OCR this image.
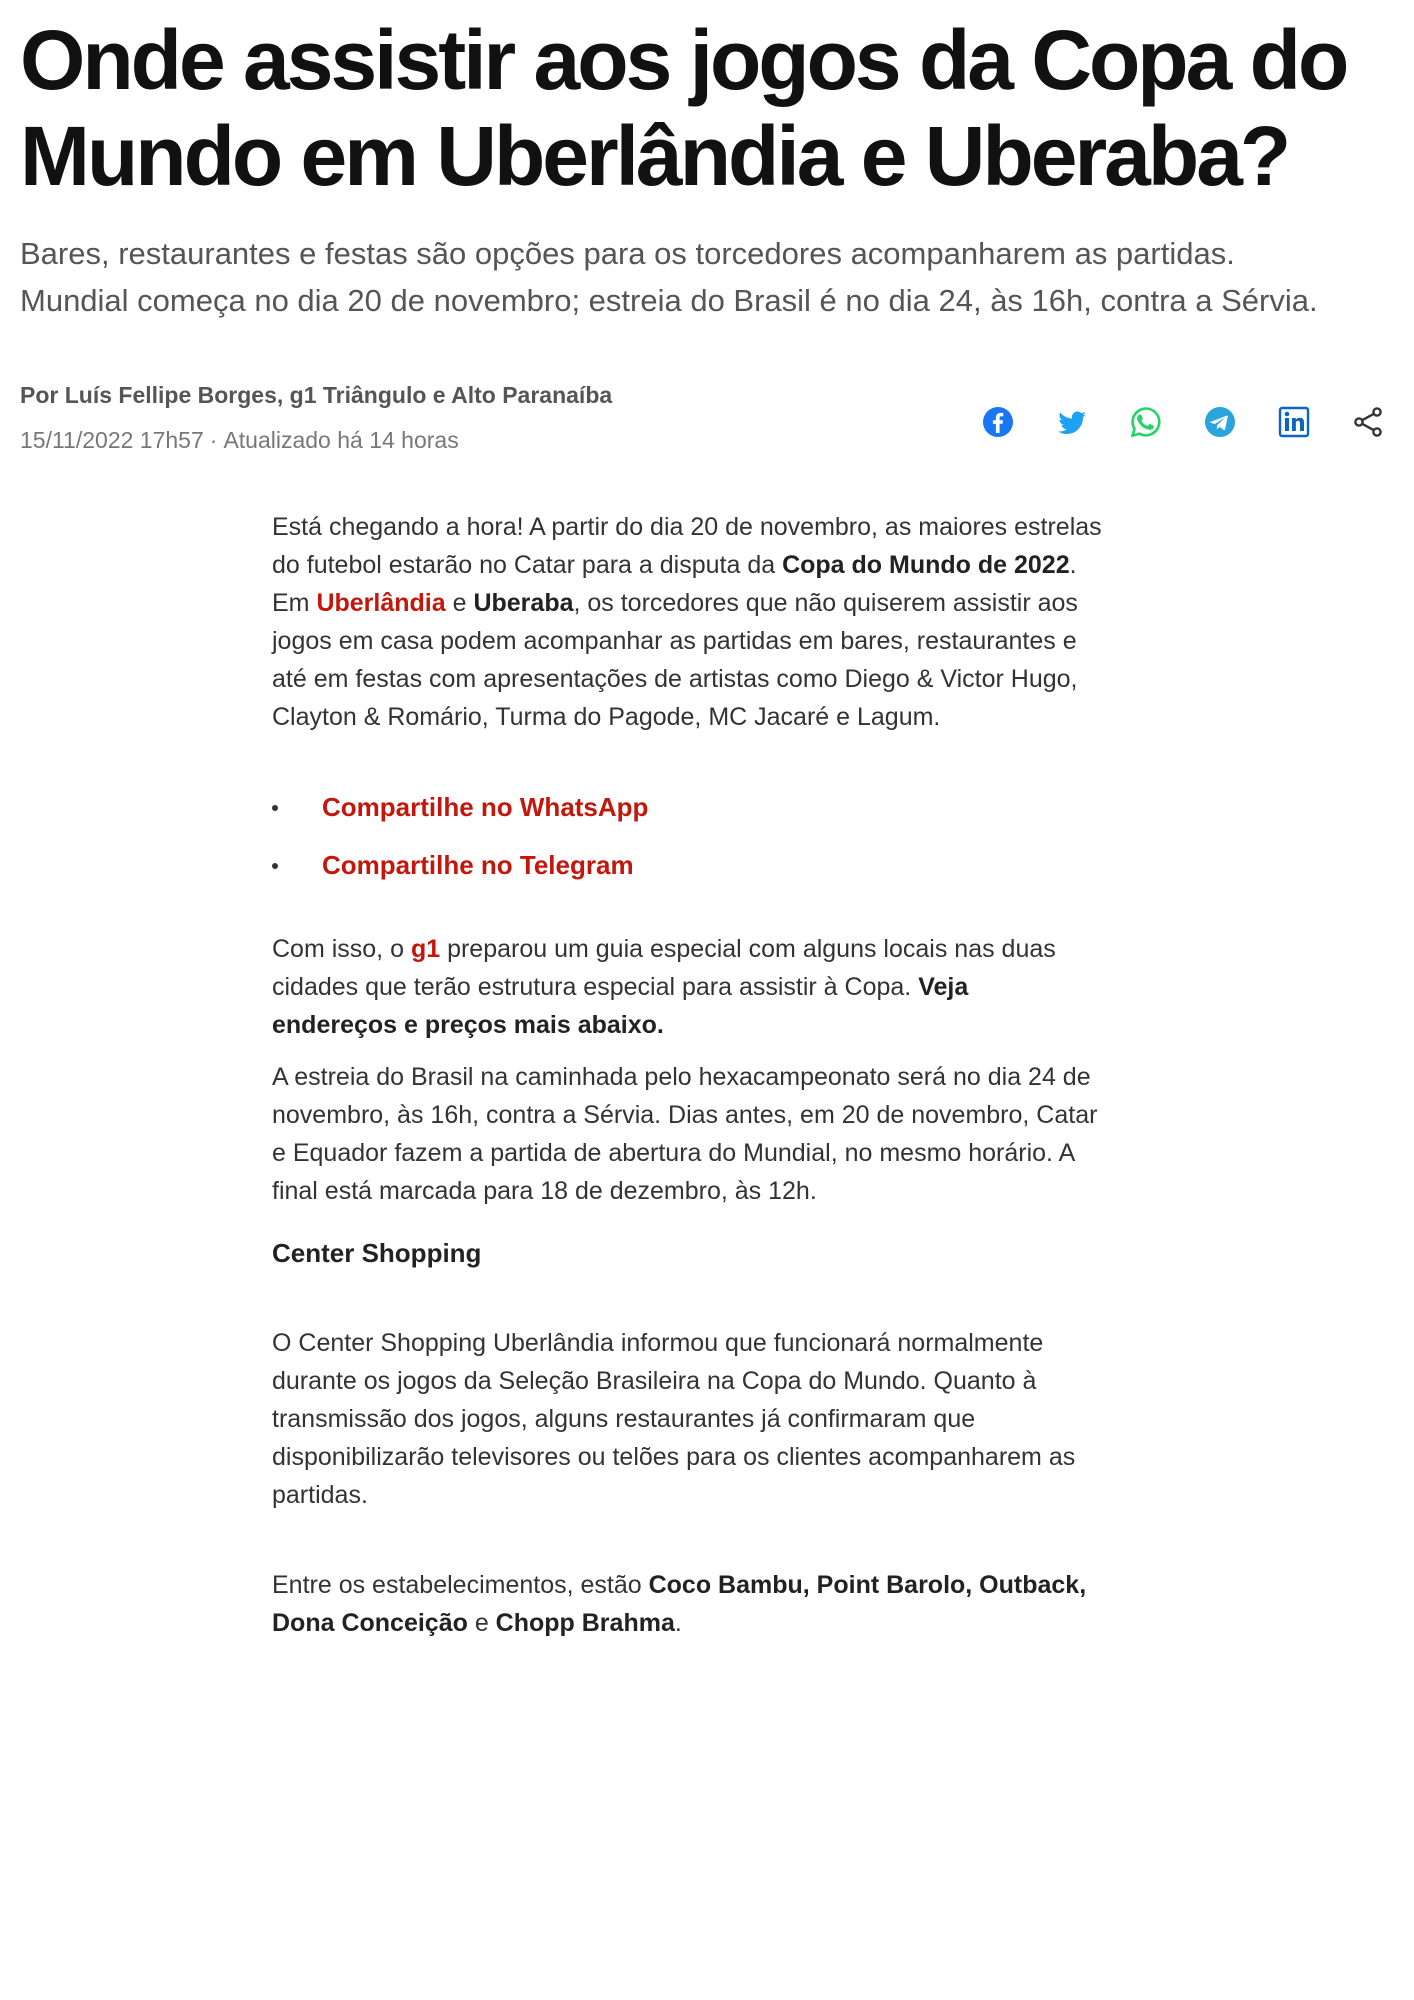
Onde assistir aos jogos da Copa do Mundo em Uberlândia e Uberaba?
Bares, restaurantes e festas são opções para os torcedores acompanharem as partidas. Mundial começa no dia 20 de novembro; estreia do Brasil é no dia 24, às 16h, contra a Sérvia.
Por Luís Fellipe Borges, g1 Triângulo e Alto Paranaíba
15/11/2022 17h57 · Atualizado há 14 horas

Está chegando a hora! A partir do dia 20 de novembro, as maiores estrelas do futebol estarão no Catar para a disputa da Copa do Mundo de 2022. Em Uberlândia e Uberaba, os torcedores que não quiserem assistir aos jogos em casa podem acompanhar as partidas em bares, restaurantes e até em festas com apresentações de artistas como Diego & Victor Hugo, Clayton & Romário, Turma do Pagode, MC Jacaré e Lagum.

Compartilhe no WhatsApp
Compartilhe no Telegram

Com isso, o g1 preparou um guia especial com alguns locais nas duas cidades que terão estrutura especial para assistir à Copa. Veja endereços e preços mais abaixo.

A estreia do Brasil na caminhada pelo hexacampeonato será no dia 24 de novembro, às 16h, contra a Sérvia. Dias antes, em 20 de novembro, Catar e Equador fazem a partida de abertura do Mundial, no mesmo horário. A final está marcada para 18 de dezembro, às 12h.

Center Shopping

O Center Shopping Uberlândia informou que funcionará normalmente durante os jogos da Seleção Brasileira na Copa do Mundo. Quanto à transmissão dos jogos, alguns restaurantes já confirmaram que disponibilizarão televisores ou telões para os clientes acompanharem as partidas.

Entre os estabelecimentos, estão Coco Bambu, Point Barolo, Outback, Dona Conceição e Chopp Brahma.
